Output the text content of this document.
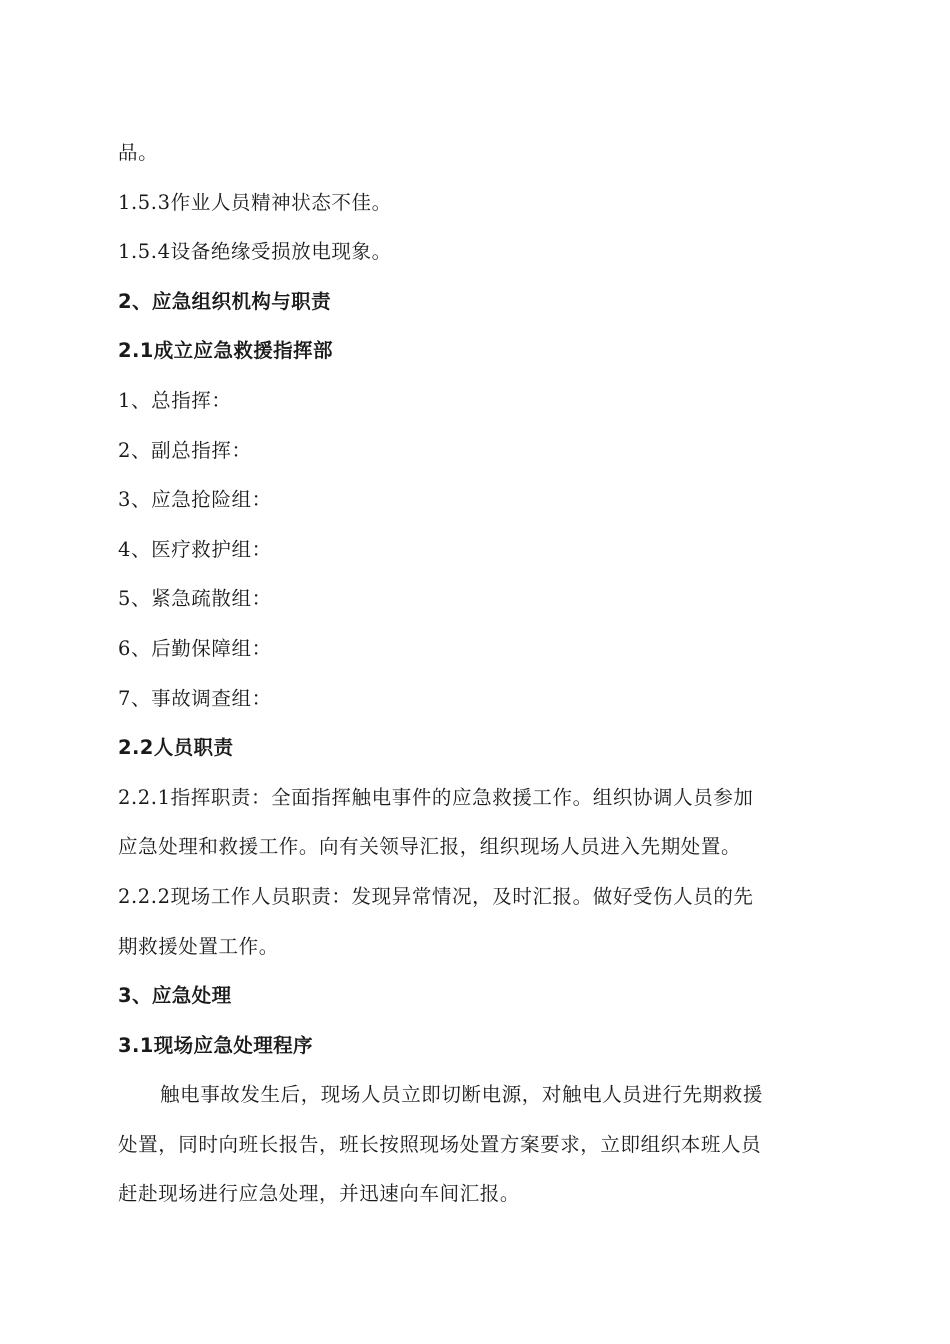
品。
1.5.3作业人员精神状态不佳。
1.5.4设备绝缘受损放电现象。
2、应急组织机构与职责
2.1成立应急救援指挥部
1、总指挥：
2、副总指挥：
3、应急抢险组：
4、医疗救护组：
5、紧急疏散组：
6、后勤保障组：
7、事故调查组：
2.2人员职责
2.2.1指挥职责：全面指挥触电事件的应急救援工作。组织协调人员参加
应急处理和救援工作。向有关领导汇报，组织现场人员进入先期处置。
2.2.2现场工作人员职责：发现异常情况，及时汇报。做好受伤人员的先
期救援处置工作。
3、应急处理
3.1现场应急处理程序
触电事故发生后，现场人员立即切断电源，对触电人员进行先期救援
处置，同时向班长报告，班长按照现场处置方案要求，立即组织本班人员
赶赴现场进行应急处理，并迅速向车间汇报。
